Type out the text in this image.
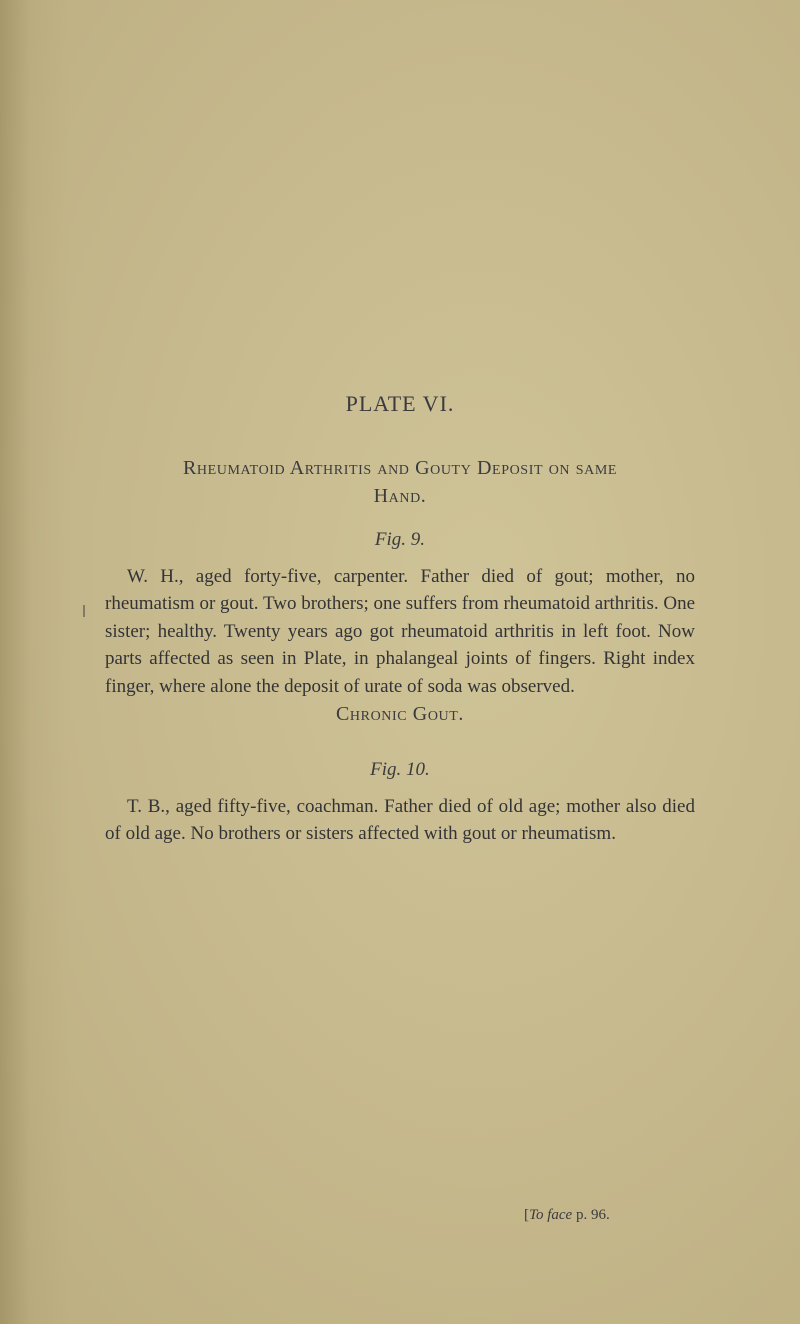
PLATE VI.
Rheumatoid Arthritis and Gouty Deposit on same
Hand.
Fig. 9.
W. H., aged forty-five, carpenter. Father died of gout; mother, no rheumatism or gout. Two brothers; one suffers from rheumatoid arthritis. One sister; healthy. Twenty years ago got rheumatoid arthritis in left foot. Now parts affected as seen in Plate, in phalangeal joints of fingers. Right index finger, where alone the deposit of urate of soda was observed.
Chronic Gout.
Fig. 10.
T. B., aged fifty-five, coachman. Father died of old age; mother also died of old age. No brothers or sisters affected with gout or rheumatism.
[To face p. 96.
